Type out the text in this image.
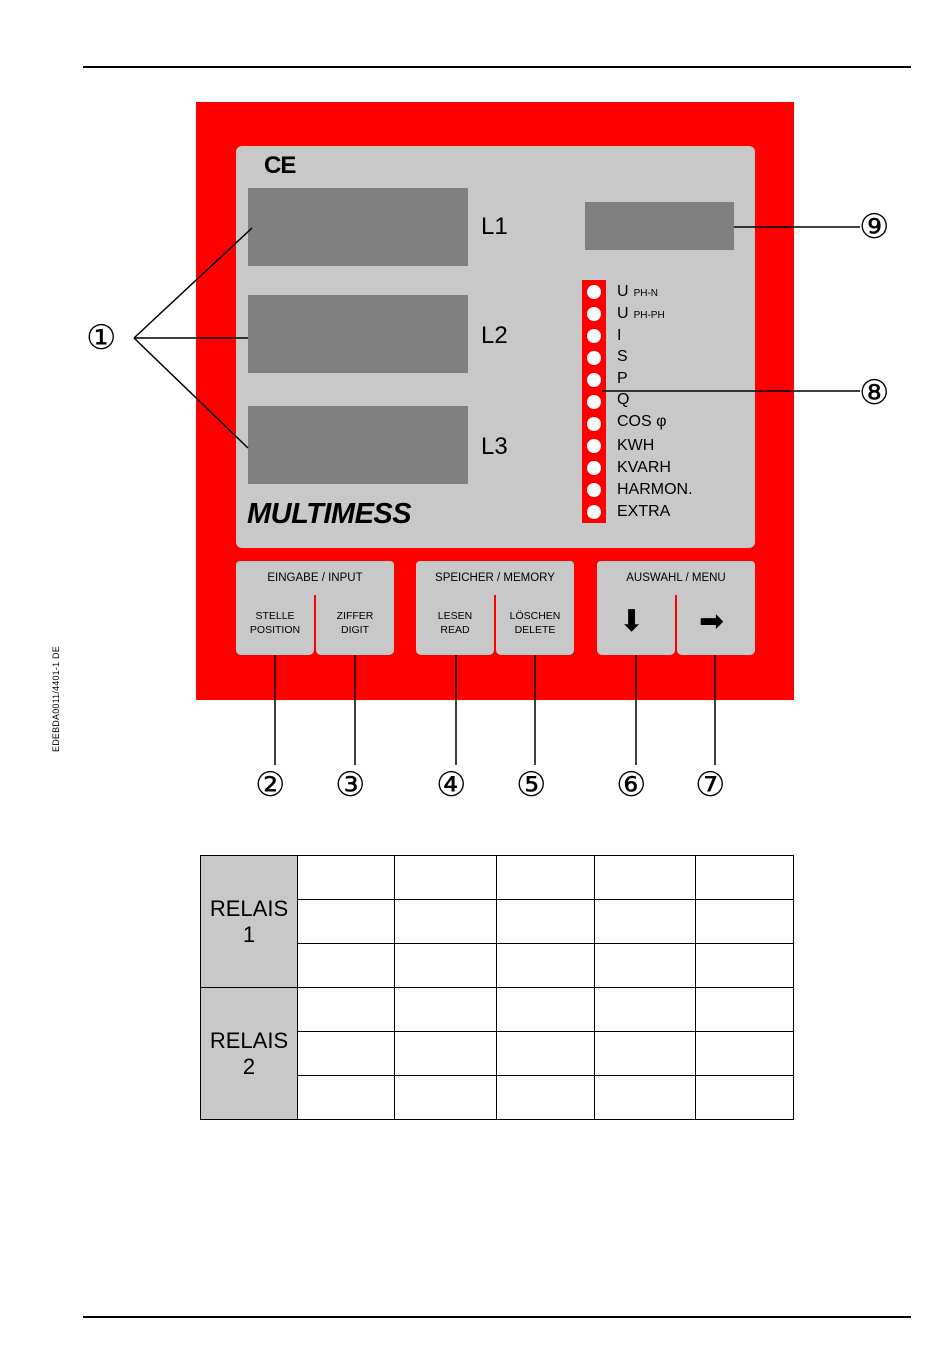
EDEBDA0011/4401-1 DE
CE
L1
L2
L3
UPH-N
UPH-PH
I
S
P
Q
COS φ
KWH
KVARH
HARMON.
EXTRA
MULTIMESS
EINGABE / INPUT	SPEICHER / MEMORY	AUSWAHL / MENU
STELLE
POSITION
ZIFFER
DIGIT
LESEN
READ
LÖSCHEN
DELETE	⬇ ➡
①
⑨
⑧
② ③ ④ ⑤ ⑥ ⑦
RELAIS 1					

RELAIS 2					
